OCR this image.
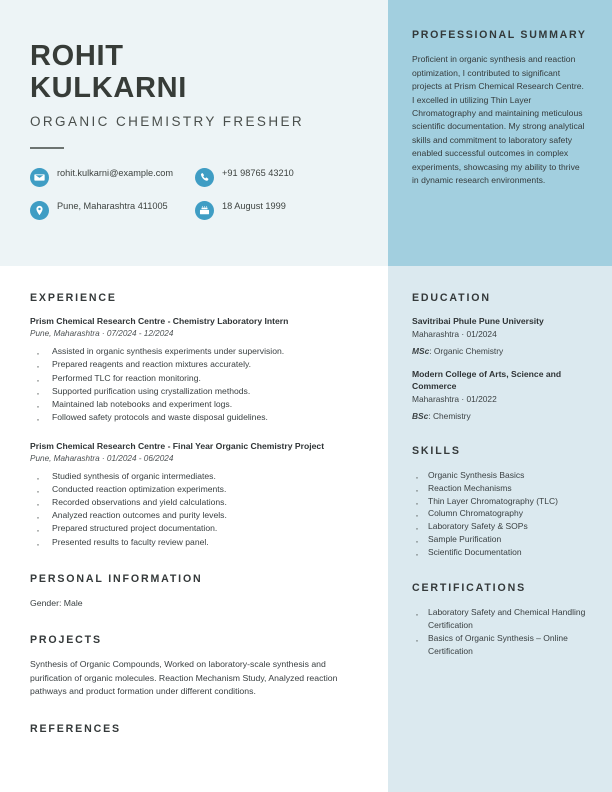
ROHIT
KULKARNI
ORGANIC CHEMISTRY FRESHER
rohit.kulkarni@example.com	+91 98765 43210
Pune, Maharashtra 411005	18 August 1999
PROFESSIONAL SUMMARY
Proficient in organic synthesis and reaction optimization, I contributed to significant projects at Prism Chemical Research Centre. I excelled in utilizing Thin Layer Chromatography and maintaining meticulous scientific documentation. My strong analytical skills and commitment to laboratory safety enabled successful outcomes in complex experiments, showcasing my ability to thrive in dynamic research environments.
EXPERIENCE
Prism Chemical Research Centre - Chemistry Laboratory Intern
Pune, Maharashtra · 07/2024 - 12/2024
· Assisted in organic synthesis experiments under supervision.
· Prepared reagents and reaction mixtures accurately.
· Performed TLC for reaction monitoring.
· Supported purification using crystallization methods.
· Maintained lab notebooks and experiment logs.
· Followed safety protocols and waste disposal guidelines.
Prism Chemical Research Centre - Final Year Organic Chemistry Project
Pune, Maharashtra · 01/2024 - 06/2024
· Studied synthesis of organic intermediates.
· Conducted reaction optimization experiments.
· Recorded observations and yield calculations.
· Analyzed reaction outcomes and purity levels.
· Prepared structured project documentation.
· Presented results to faculty review panel.
PERSONAL INFORMATION
Gender: Male
PROJECTS
Synthesis of Organic Compounds, Worked on laboratory-scale synthesis and purification of organic molecules. Reaction Mechanism Study, Analyzed reaction pathways and product formation under different conditions.
REFERENCES
EDUCATION
Savitribai Phule Pune University
Maharashtra · 01/2024
MSc: Organic Chemistry
Modern College of Arts, Science and Commerce
Maharashtra · 01/2022
BSc: Chemistry
SKILLS
· Organic Synthesis Basics
· Reaction Mechanisms
· Thin Layer Chromatography (TLC)
· Column Chromatography
· Laboratory Safety & SOPs
· Sample Purification
· Scientific Documentation
CERTIFICATIONS
· Laboratory Safety and Chemical Handling Certification
· Basics of Organic Synthesis – Online Certification
